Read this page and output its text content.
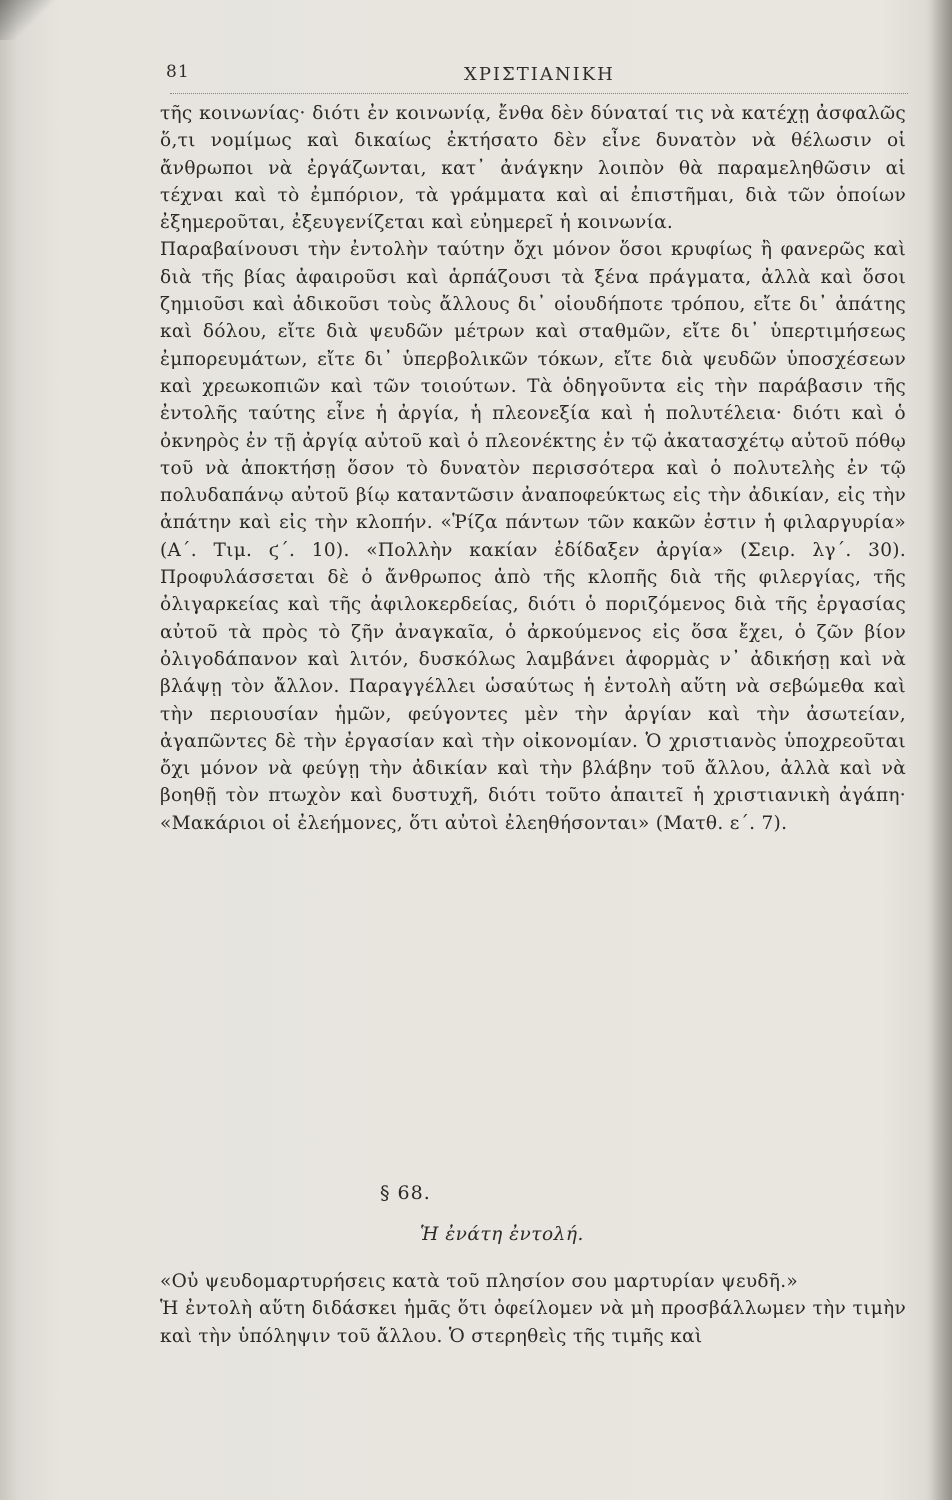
81	ΧΡΙΣΤΙΑΝΙΚΗ

τῆς κοινωνίας· διότι ἐν κοινωνίᾳ, ἔνθα δὲν δύναταί τις νὰ κατέχῃ ἀσφαλῶς ὅ,τι νομίμως καὶ δικαίως ἐκτήσατο δὲν εἶνε δυνατὸν νὰ θέλωσιν οἱ ἄνθρωποι νὰ ἐργάζωνται, κατ᾽ ἀνάγκην λοιπὸν θὰ παραμεληθῶσιν αἱ τέχναι καὶ τὸ ἐμπόριον, τὰ γράμματα καὶ αἱ ἐπιστῆμαι, διὰ τῶν ὁποίων ἐξημεροῦται, ἐξευγενίζεται καὶ εὐημερεῖ ἡ κοινωνία.

Παραβαίνουσι τὴν ἐντολὴν ταύτην ὄχι μόνον ὅσοι κρυφίως ἢ φανερῶς καὶ διὰ τῆς βίας ἀφαιροῦσι καὶ ἁρπάζουσι τὰ ξένα πράγματα, ἀλλὰ καὶ ὅσοι ζημιοῦσι καὶ ἀδικοῦσι τοὺς ἄλλους δι᾽ οἱουδήποτε τρόπου, εἴτε δι᾽ ἀπάτης καὶ δόλου, εἴτε διὰ ψευδῶν μέτρων καὶ σταθμῶν, εἴτε δι᾽ ὑπερτιμήσεως ἐμπορευμάτων, εἴτε δι᾽ ὑπερβολικῶν τόκων, εἴτε διὰ ψευδῶν ὑποσχέσεων καὶ χρεωκοπιῶν καὶ τῶν τοιούτων. Τὰ ὁδηγοῦντα εἰς τὴν παράβασιν τῆς ἐντολῆς ταύτης εἶνε ἡ ἀργία, ἡ πλεονεξία καὶ ἡ πολυτέλεια· διότι καὶ ὁ ὀκνηρὸς ἐν τῇ ἀργίᾳ αὐτοῦ καὶ ὁ πλεονέκτης ἐν τῷ ἀκατασχέτῳ αὐτοῦ πόθῳ τοῦ νὰ ἀποκτήσῃ ὅσον τὸ δυνατὸν περισσότερα καὶ ὁ πολυτελὴς ἐν τῷ πολυδαπάνῳ αὐτοῦ βίῳ καταντῶσιν ἀναποφεύκτως εἰς τὴν ἀδικίαν, εἰς τὴν ἀπάτην καὶ εἰς τὴν κλοπήν. «Ῥίζα πάντων τῶν κακῶν ἐστιν ἡ φιλαργυρία» (Α΄. Τιμ. ϛ΄. 10). «Πολλὴν κακίαν ἐδίδαξεν ἀργία» (Σειρ. λγ΄. 30). Προφυλάσσεται δὲ ὁ ἄνθρωπος ἀπὸ τῆς κλοπῆς διὰ τῆς φιλεργίας, τῆς ὀλιγαρκείας καὶ τῆς ἀφιλοκερδείας, διότι ὁ ποριζόμενος διὰ τῆς ἐργασίας αὐτοῦ τὰ πρὸς τὸ ζῆν ἀναγκαῖα, ὁ ἀρκούμενος εἰς ὅσα ἔχει, ὁ ζῶν βίον ὀλιγοδάπανον καὶ λιτόν, δυσκόλως λαμβάνει ἀφορμὰς ν᾽ ἀδικήσῃ καὶ νὰ βλάψῃ τὸν ἄλλον. Παραγγέλλει ὡσαύτως ἡ ἐντολὴ αὕτη νὰ σεβώμεθα καὶ τὴν περιουσίαν ἡμῶν, φεύγοντες μὲν τὴν ἀργίαν καὶ τὴν ἀσωτείαν, ἀγαπῶντες δὲ τὴν ἐργασίαν καὶ τὴν οἰκονομίαν. Ὁ χριστιανὸς ὑποχρεοῦται ὄχι μόνον νὰ φεύγῃ τὴν ἀδικίαν καὶ τὴν βλάβην τοῦ ἄλλου, ἀλλὰ καὶ νὰ βοηθῇ τὸν πτωχὸν καὶ δυστυχῆ, διότι τοῦτο ἀπαιτεῖ ἡ χριστιανικὴ ἀγάπη· «Μακάριοι οἱ ἐλεήμονες, ὅτι αὐτοὶ ἐλεηθήσονται» (Ματθ. ε΄. 7).

§ 68.
Ἡ ἐνάτη ἐντολή.

«Οὐ ψευδομαρτυρήσεις κατὰ τοῦ πλησίον σου μαρτυρίαν ψευδῆ.»

Ἡ ἐντολὴ αὕτη διδάσκει ἡμᾶς ὅτι ὀφείλομεν νὰ μὴ προσβάλλωμεν τὴν τιμὴν καὶ τὴν ὑπόληψιν τοῦ ἄλλου. Ὁ στερηθεὶς τῆς τιμῆς καὶ
